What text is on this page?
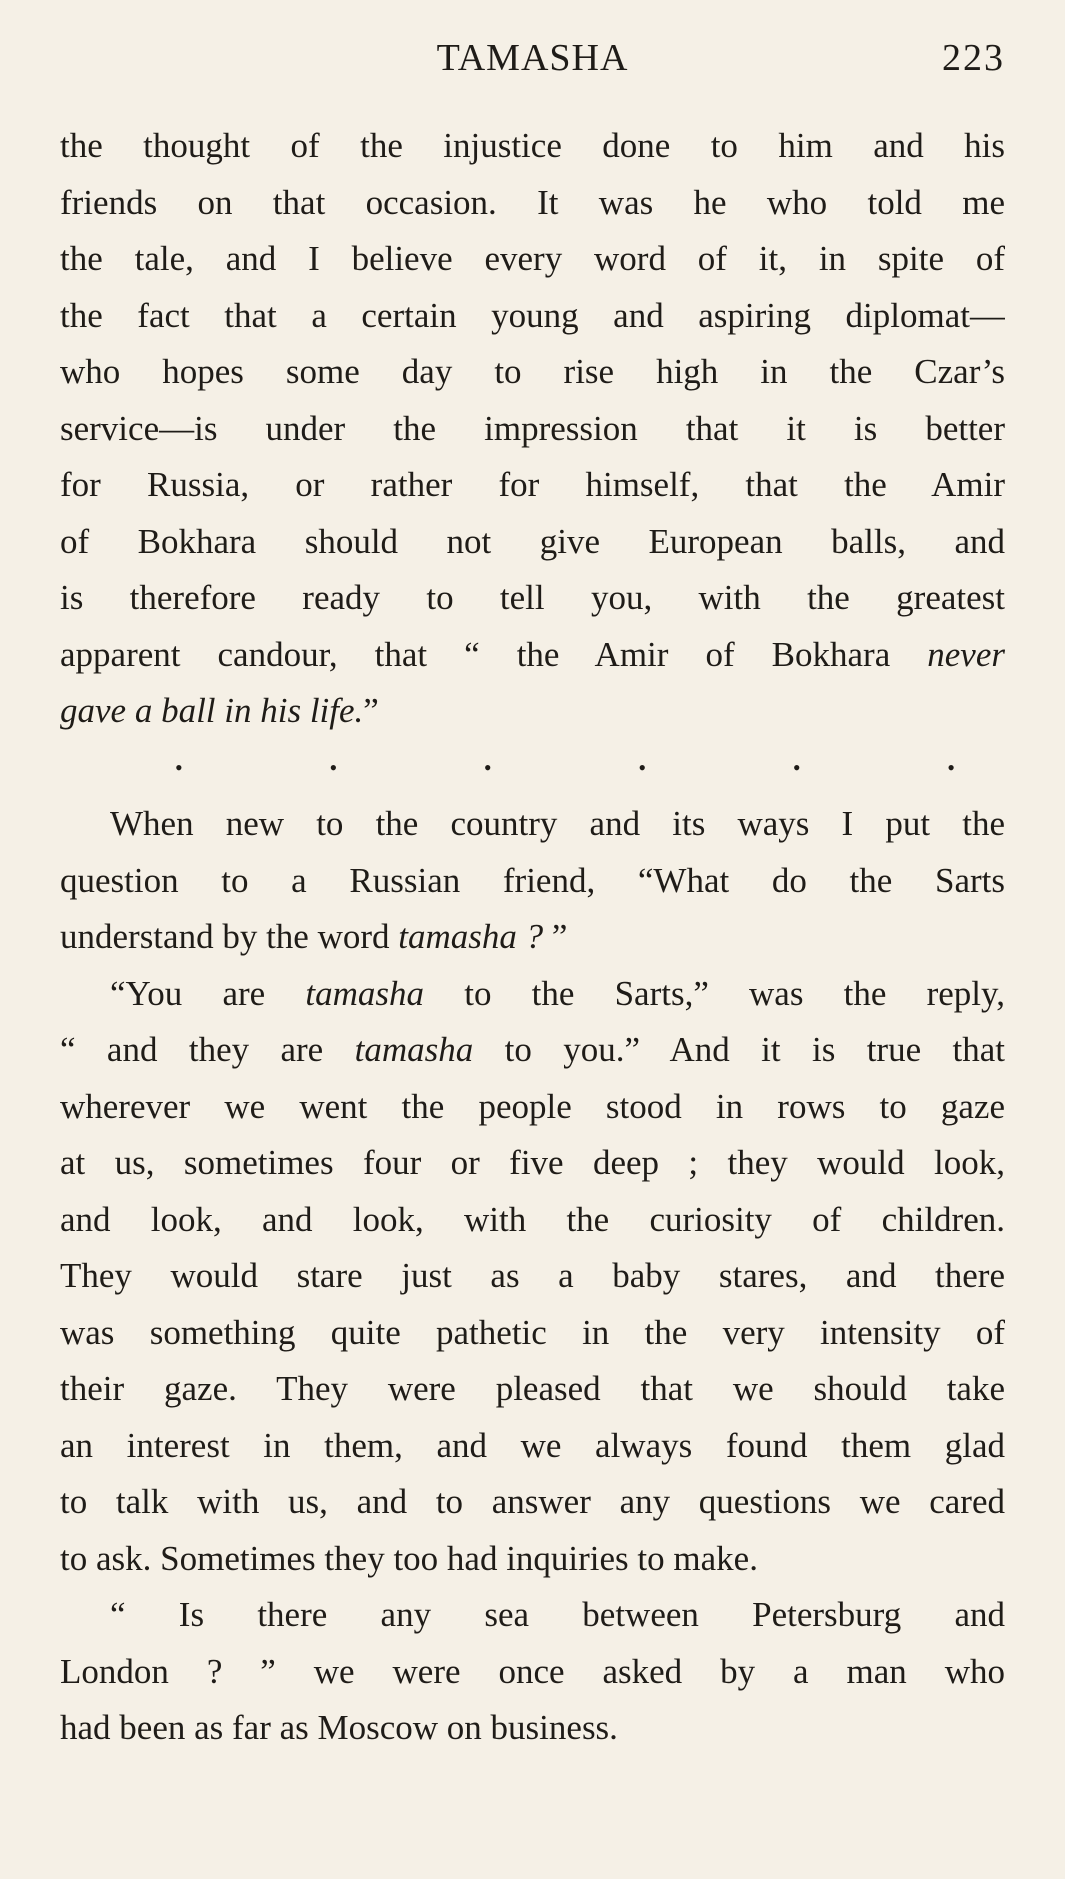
TAMASHA	223
the thought of the injustice done to him and his
friends on that occasion. It was he who told me
the tale, and I believe every word of it, in spite of
the fact that a certain young and aspiring diplomat—
who hopes some day to rise high in the Czar’s
service—is under the impression that it is better
for Russia, or rather for himself, that the Amir
of Bokhara should not give European balls, and
is therefore ready to tell you, with the greatest
apparent candour, that “ the Amir of Bokhara never
gave a ball in his life.”
•	•	•	•	•	•
When new to the country and its ways I put the
question to a Russian friend, “What do the Sarts
understand by the word tamasha ? ”
“You are tamasha to the Sarts,” was the reply,
“ and they are tamasha to you.” And it is true that
wherever we went the people stood in rows to gaze
at us, sometimes four or five deep ; they would look,
and look, and look, with the curiosity of children.
They would stare just as a baby stares, and there
was something quite pathetic in the very intensity of
their gaze. They were pleased that we should take
an interest in them, and we always found them glad
to talk with us, and to answer any questions we cared
to ask. Sometimes they too had inquiries to make.
“ Is there any sea between Petersburg and
London ? ” we were once asked by a man who
had been as far as Moscow on business.
